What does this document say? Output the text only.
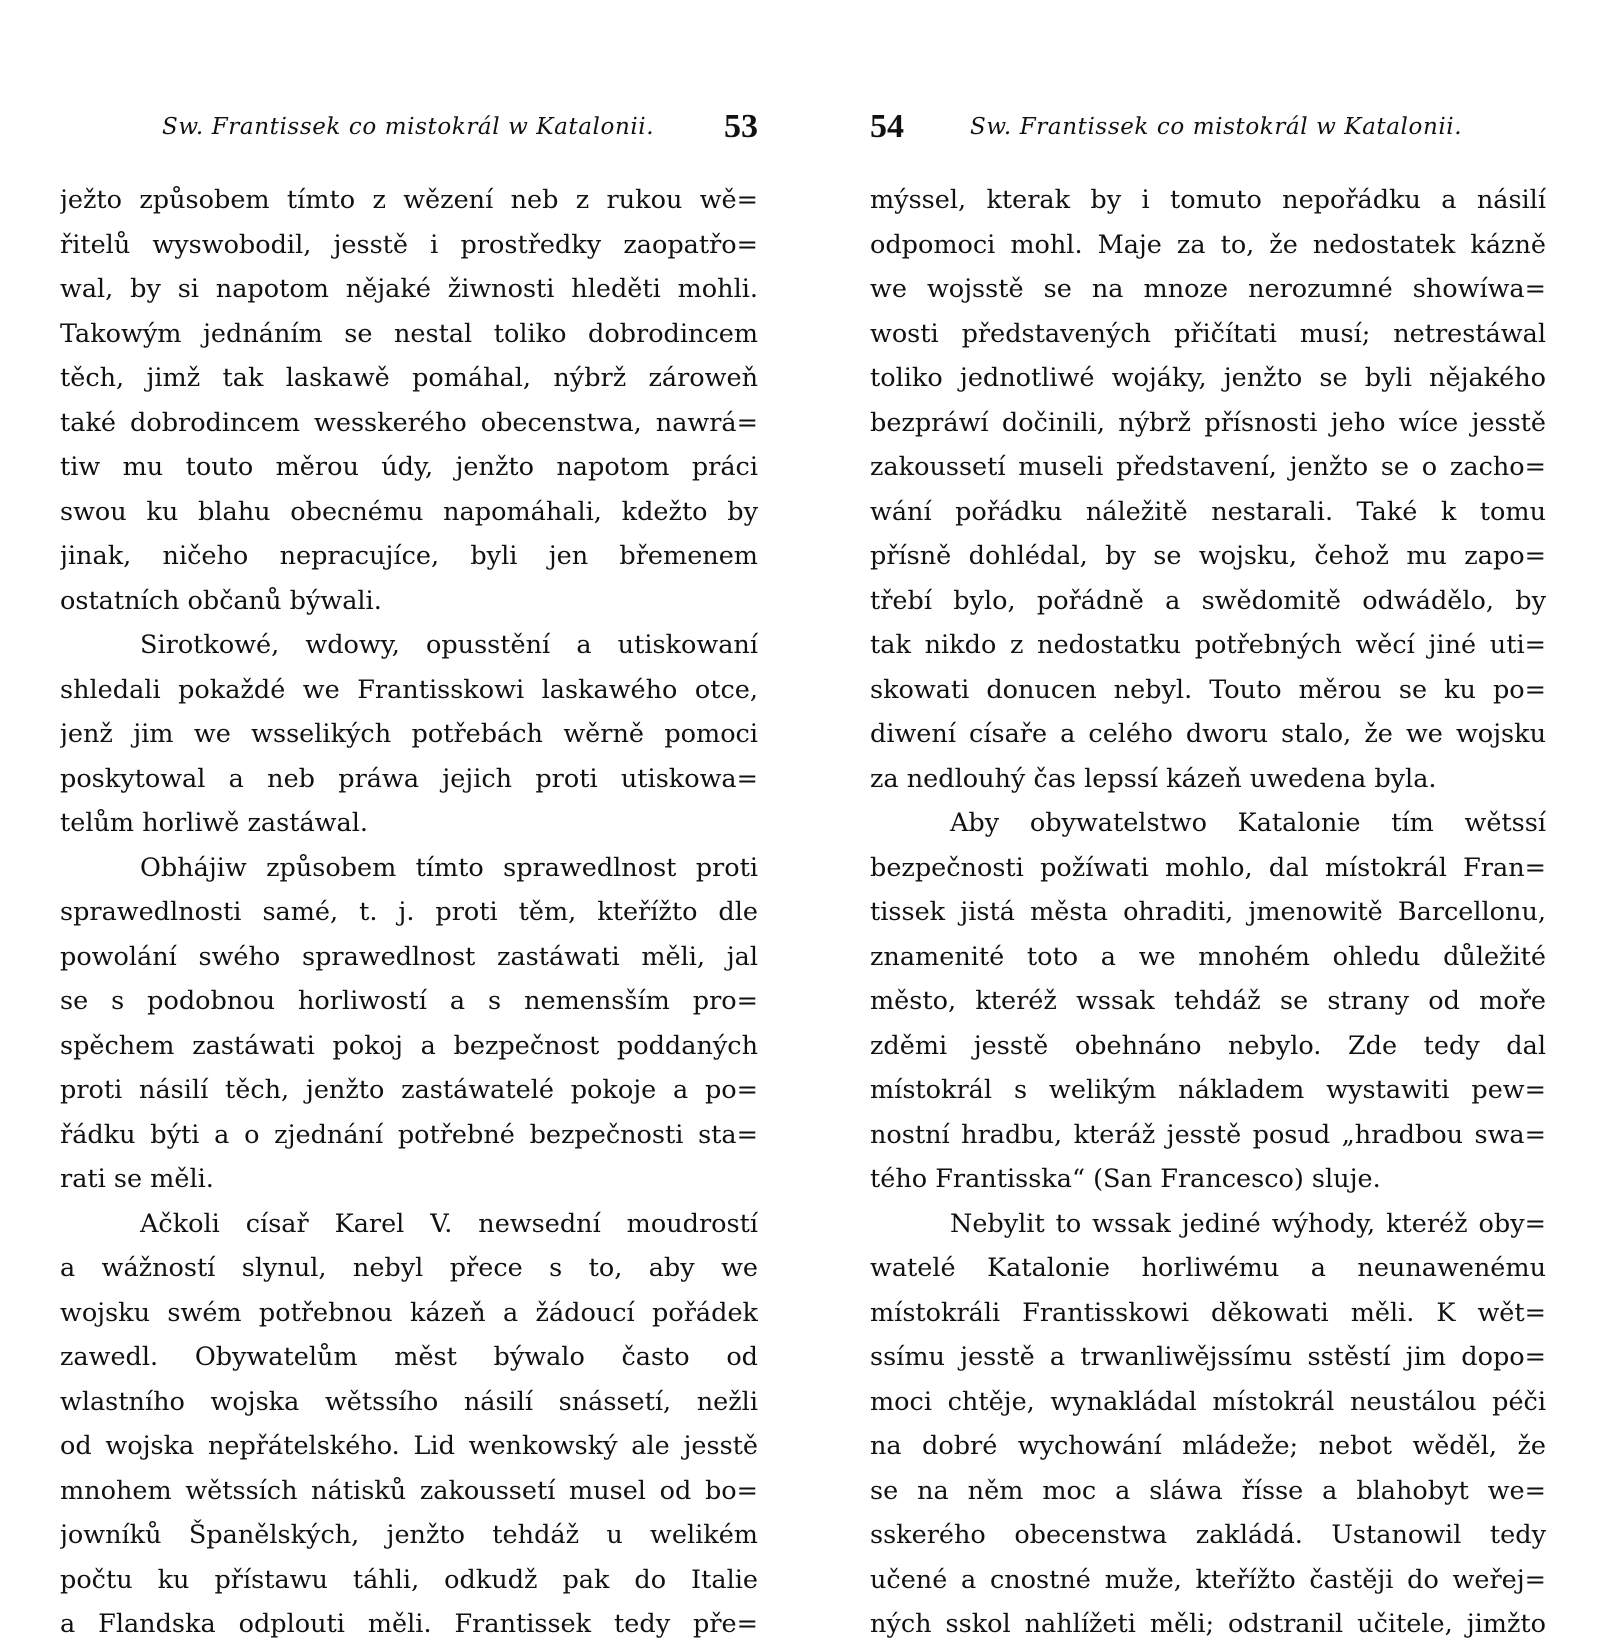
Sw. Frantissek co mistokrál w Katalonii. 53
ježto způsobem tímto z wězení neb z rukou wě=
řitelů wyswobodil, jesstě i prostředky zaopatřo=
wal, by si napotom nějaké žiwnosti hleděti mohli.
Takowým jednáním se nestal toliko dobrodincem
těch, jimž tak laskawě pomáhal, nýbrž zároweň
také dobrodincem wesskerého obecenstwa, nawrá=
tiw mu touto měrou údy, jenžto napotom práci
swou ku blahu obecnému napomáhali, kdežto by
jinak, ničeho nepracujíce, byli jen břemenem
ostatních občanů býwali.
Sirotkowé, wdowy, opusstění a utiskowaní
shledali pokaždé we Frantisskowi laskawého otce,
jenž jim we wsselikých potřebách wěrně pomoci
poskytowal a neb práwa jejich proti utiskowa=
telům horliwě zastáwal.
Obhájiw způsobem tímto sprawedlnost proti
sprawedlnosti samé, t. j. proti těm, kteřížto dle
powolání swého sprawedlnost zastáwati měli, jal
se s podobnou horliwostí a s nemensším pro=
spěchem zastáwati pokoj a bezpečnost poddaných
proti násilí těch, jenžto zastáwatelé pokoje a po=
řádku býti a o zjednání potřebné bezpečnosti sta=
rati se měli.
Ačkoli císař Karel V. newsední moudrostí
a wážností slynul, nebyl přece s to, aby we
wojsku swém potřebnou kázeň a žádoucí pořádek
zawedl. Obywatelům měst býwalo často od
wlastního wojska wětssího násilí snássetí, nežli
od wojska nepřátelského. Lid wenkowský ale jesstě
mnohem wětssích nátisků zakoussetí musel od bo=
jowníků Španělských, jenžto tehdáž u welikém
počtu ku přístawu táhli, odkudž pak do Italie
a Flandska odplouti měli. Frantissek tedy pře=
54	Sw. Frantissek co mistokrál w Katalonii.
mýssel, kterak by i tomuto nepořádku a násilí
odpomoci mohl. Maje za to, že nedostatek kázně
we wojsstě se na mnoze nerozumné showíwa=
wosti představených přičítati musí; netrestáwal
toliko jednotliwé wojáky, jenžto se byli nějakého
bezpráwí dočinili, nýbrž přísnosti jeho wíce jesstě
zakoussetí museli představení, jenžto se o zacho=
wání pořádku náležitě nestarali. Také k tomu
přísně dohlédal, by se wojsku, čehož mu zapo=
třebí bylo, pořádně a swědomitě odwádělo, by
tak nikdo z nedostatku potřebných wěcí jiné uti=
skowati donucen nebyl. Touto měrou se ku po=
diwení císaře a celého dworu stalo, že we wojsku
za nedlouhý čas lepssí kázeň uwedena byla.
Aby obywatelstwo Katalonie tím wětssí
bezpečnosti požíwati mohlo, dal místokrál Fran=
tissek jistá města ohraditi, jmenowitě Barcellonu,
znamenité toto a we mnohém ohledu důležité
město, kteréž wssak tehdáž se strany od moře
zděmi jesstě obehnáno nebylo. Zde tedy dal
místokrál s welikým nákladem wystawiti pew=
nostní hradbu, kteráž jesstě posud „hradbou swa=
tého Frantisska“ (San Francesco) sluje.
Nebylit to wssak jediné wýhody, kteréž oby=
watelé Katalonie horliwému a neunawenému
místokráli Frantisskowi děkowati měli. K wět=
ssímu jesstě a trwanliwějssímu sstěstí jim dopo=
moci chtěje, wynakládal místokrál neustálou péči
na dobré wychowání mládeže; nebot wěděl, že
se na něm moc a sláwa řísse a blahobyt we=
sskerého obecenstwa zakládá. Ustanowil tedy
učené a cnostné muže, kteřížto častěji do weřej=
ných sskol nahlížeti měli; odstranil učitele, jimžto
